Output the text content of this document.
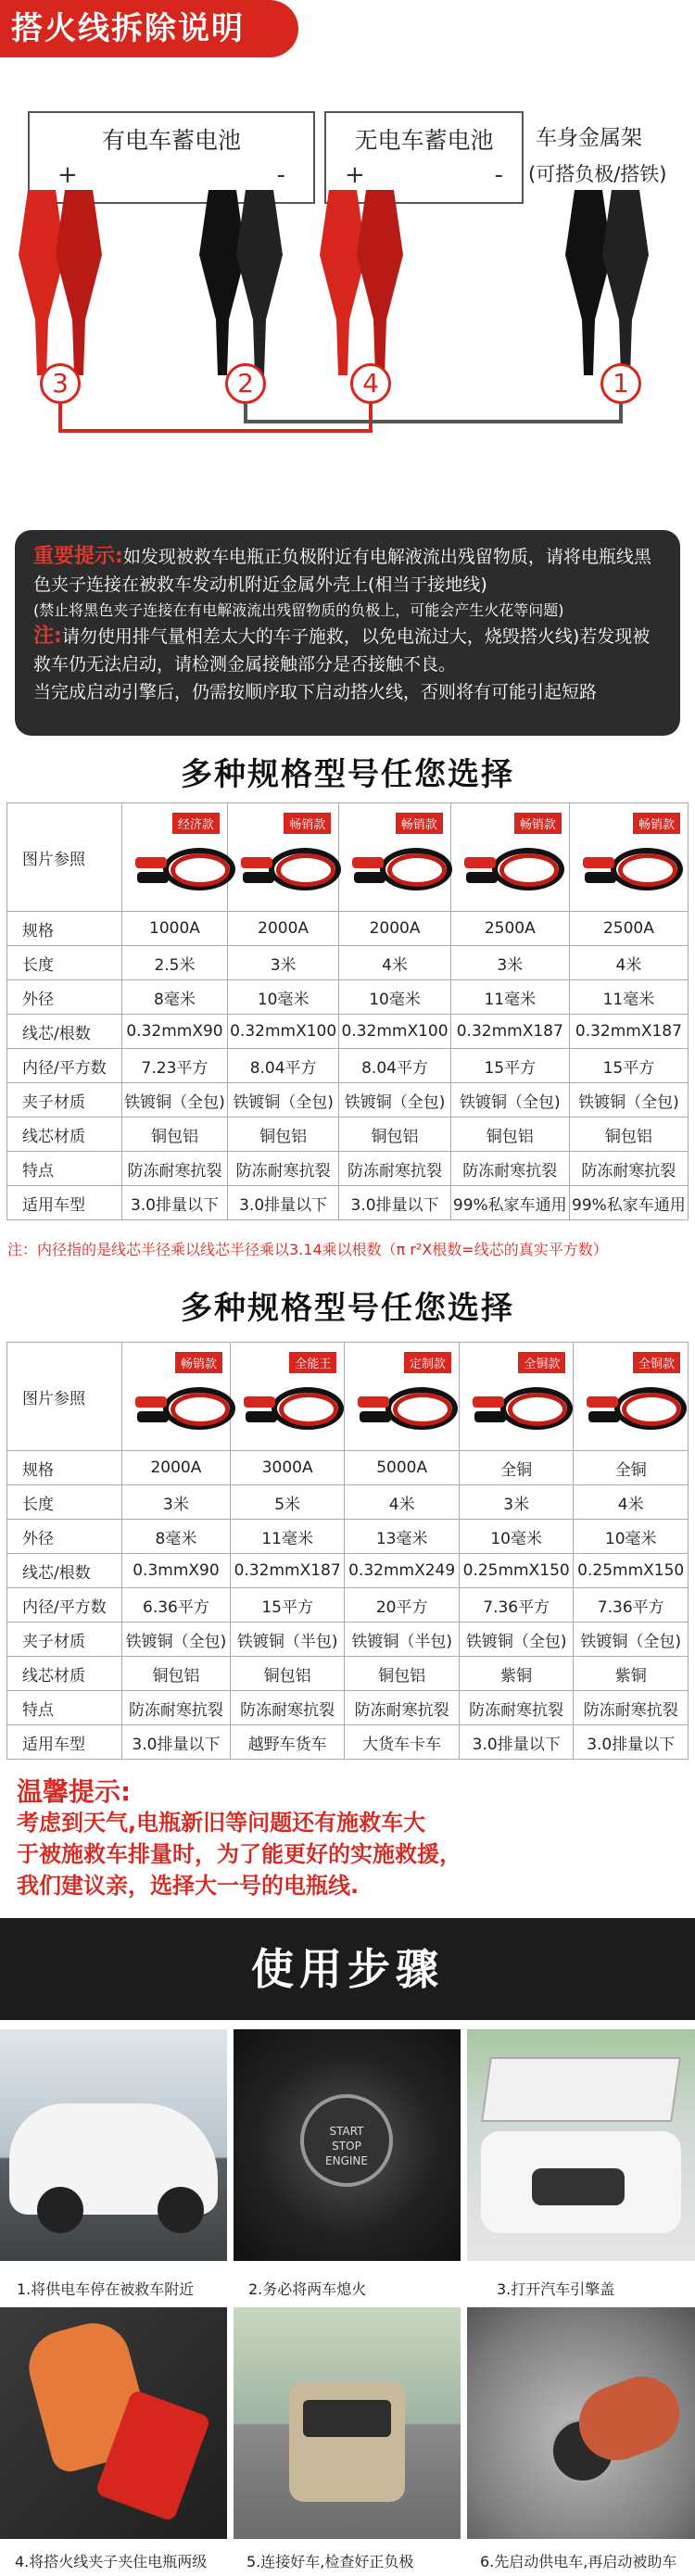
搭火线拆除说明
有电车蓄电池
+	-
无电车蓄电池
+	-
车身金属架
(可搭负极/搭铁)
3	2	4	1
重要提示:如发现被救车电瓶正负极附近有电解液流出残留物质，请将电瓶线黑色夹子连接在被救车发动机附近金属外壳上(相当于接地线)
(禁止将黑色夹子连接在有电解液流出残留物质的负极上，可能会产生火花等问题)
注:请勿使用排气量相差太大的车子施救，以免电流过大，烧毁搭火线)若发现被救车仍无法启动，请检测金属接触部分是否接触不良。
当完成启动引擎后，仍需按顺序取下启动搭火线，否则将有可能引起短路
多种规格型号任您选择
图片参照	经济款	畅销款	畅销款	畅销款	畅销款

规格	1000A	2000A	2000A	2500A	2500A
长度	2.5米	3米	4米	3米	4米
外径	8毫米	10毫米	10毫米	11毫米	11毫米
线芯/根数	0.32mmX90	0.32mmX100	0.32mmX100	0.32mmX187	0.32mmX187
内径/平方数	7.23平方	8.04平方	8.04平方	15平方	15平方
夹子材质	铁镀铜（全包)	铁镀铜（全包)	铁镀铜（全包)	铁镀铜（全包)	铁镀铜（全包)
线芯材质	铜包铝	铜包铝	铜包铝	铜包铝	铜包铝
特点	防冻耐寒抗裂	防冻耐寒抗裂	防冻耐寒抗裂	防冻耐寒抗裂	防冻耐寒抗裂
适用车型	3.0排量以下	3.0排量以下	3.0排量以下	99%私家车通用	99%私家车通用
注：内径指的是线芯半径乘以线芯半径乘以3.14乘以根数（π r²X根数=线芯的真实平方数）
多种规格型号任您选择
图片参照	畅销款	全能王	定制款	全铜款	全铜款

规格	2000A	3000A	5000A	全铜	全铜
长度	3米	5米	4米	3米	4米
外径	8毫米	11毫米	13毫米	10毫米	10毫米
线芯/根数	0.3mmX90	0.32mmX187	0.32mmX249	0.25mmX150	0.25mmX150
内径/平方数	6.36平方	15平方	20平方	7.36平方	7.36平方
夹子材质	铁镀铜（全包)	铁镀铜（半包)	铁镀铜（半包)	铁镀铜（全包)	铁镀铜（全包)
线芯材质	铜包铝	铜包铝	铜包铝	紫铜	紫铜
特点	防冻耐寒抗裂	防冻耐寒抗裂	防冻耐寒抗裂	防冻耐寒抗裂	防冻耐寒抗裂
适用车型	3.0排量以下	越野车货车	大货车卡车	3.0排量以下	3.0排量以下
温馨提示:
考虑到天气,电瓶新旧等问题还有施救车大
于被施救车排量时，为了能更好的实施救援，
我们建议亲，选择大一号的电瓶线.
使用步骤
START
STOP
ENGINE
1.将供电车停在被救车附近	2.务必将两车熄火	3.打开汽车引擎盖
4.将搭火线夹子夹住电瓶两级	5.连接好车,检查好正负极	6.先启动供电车,再启动被助车
